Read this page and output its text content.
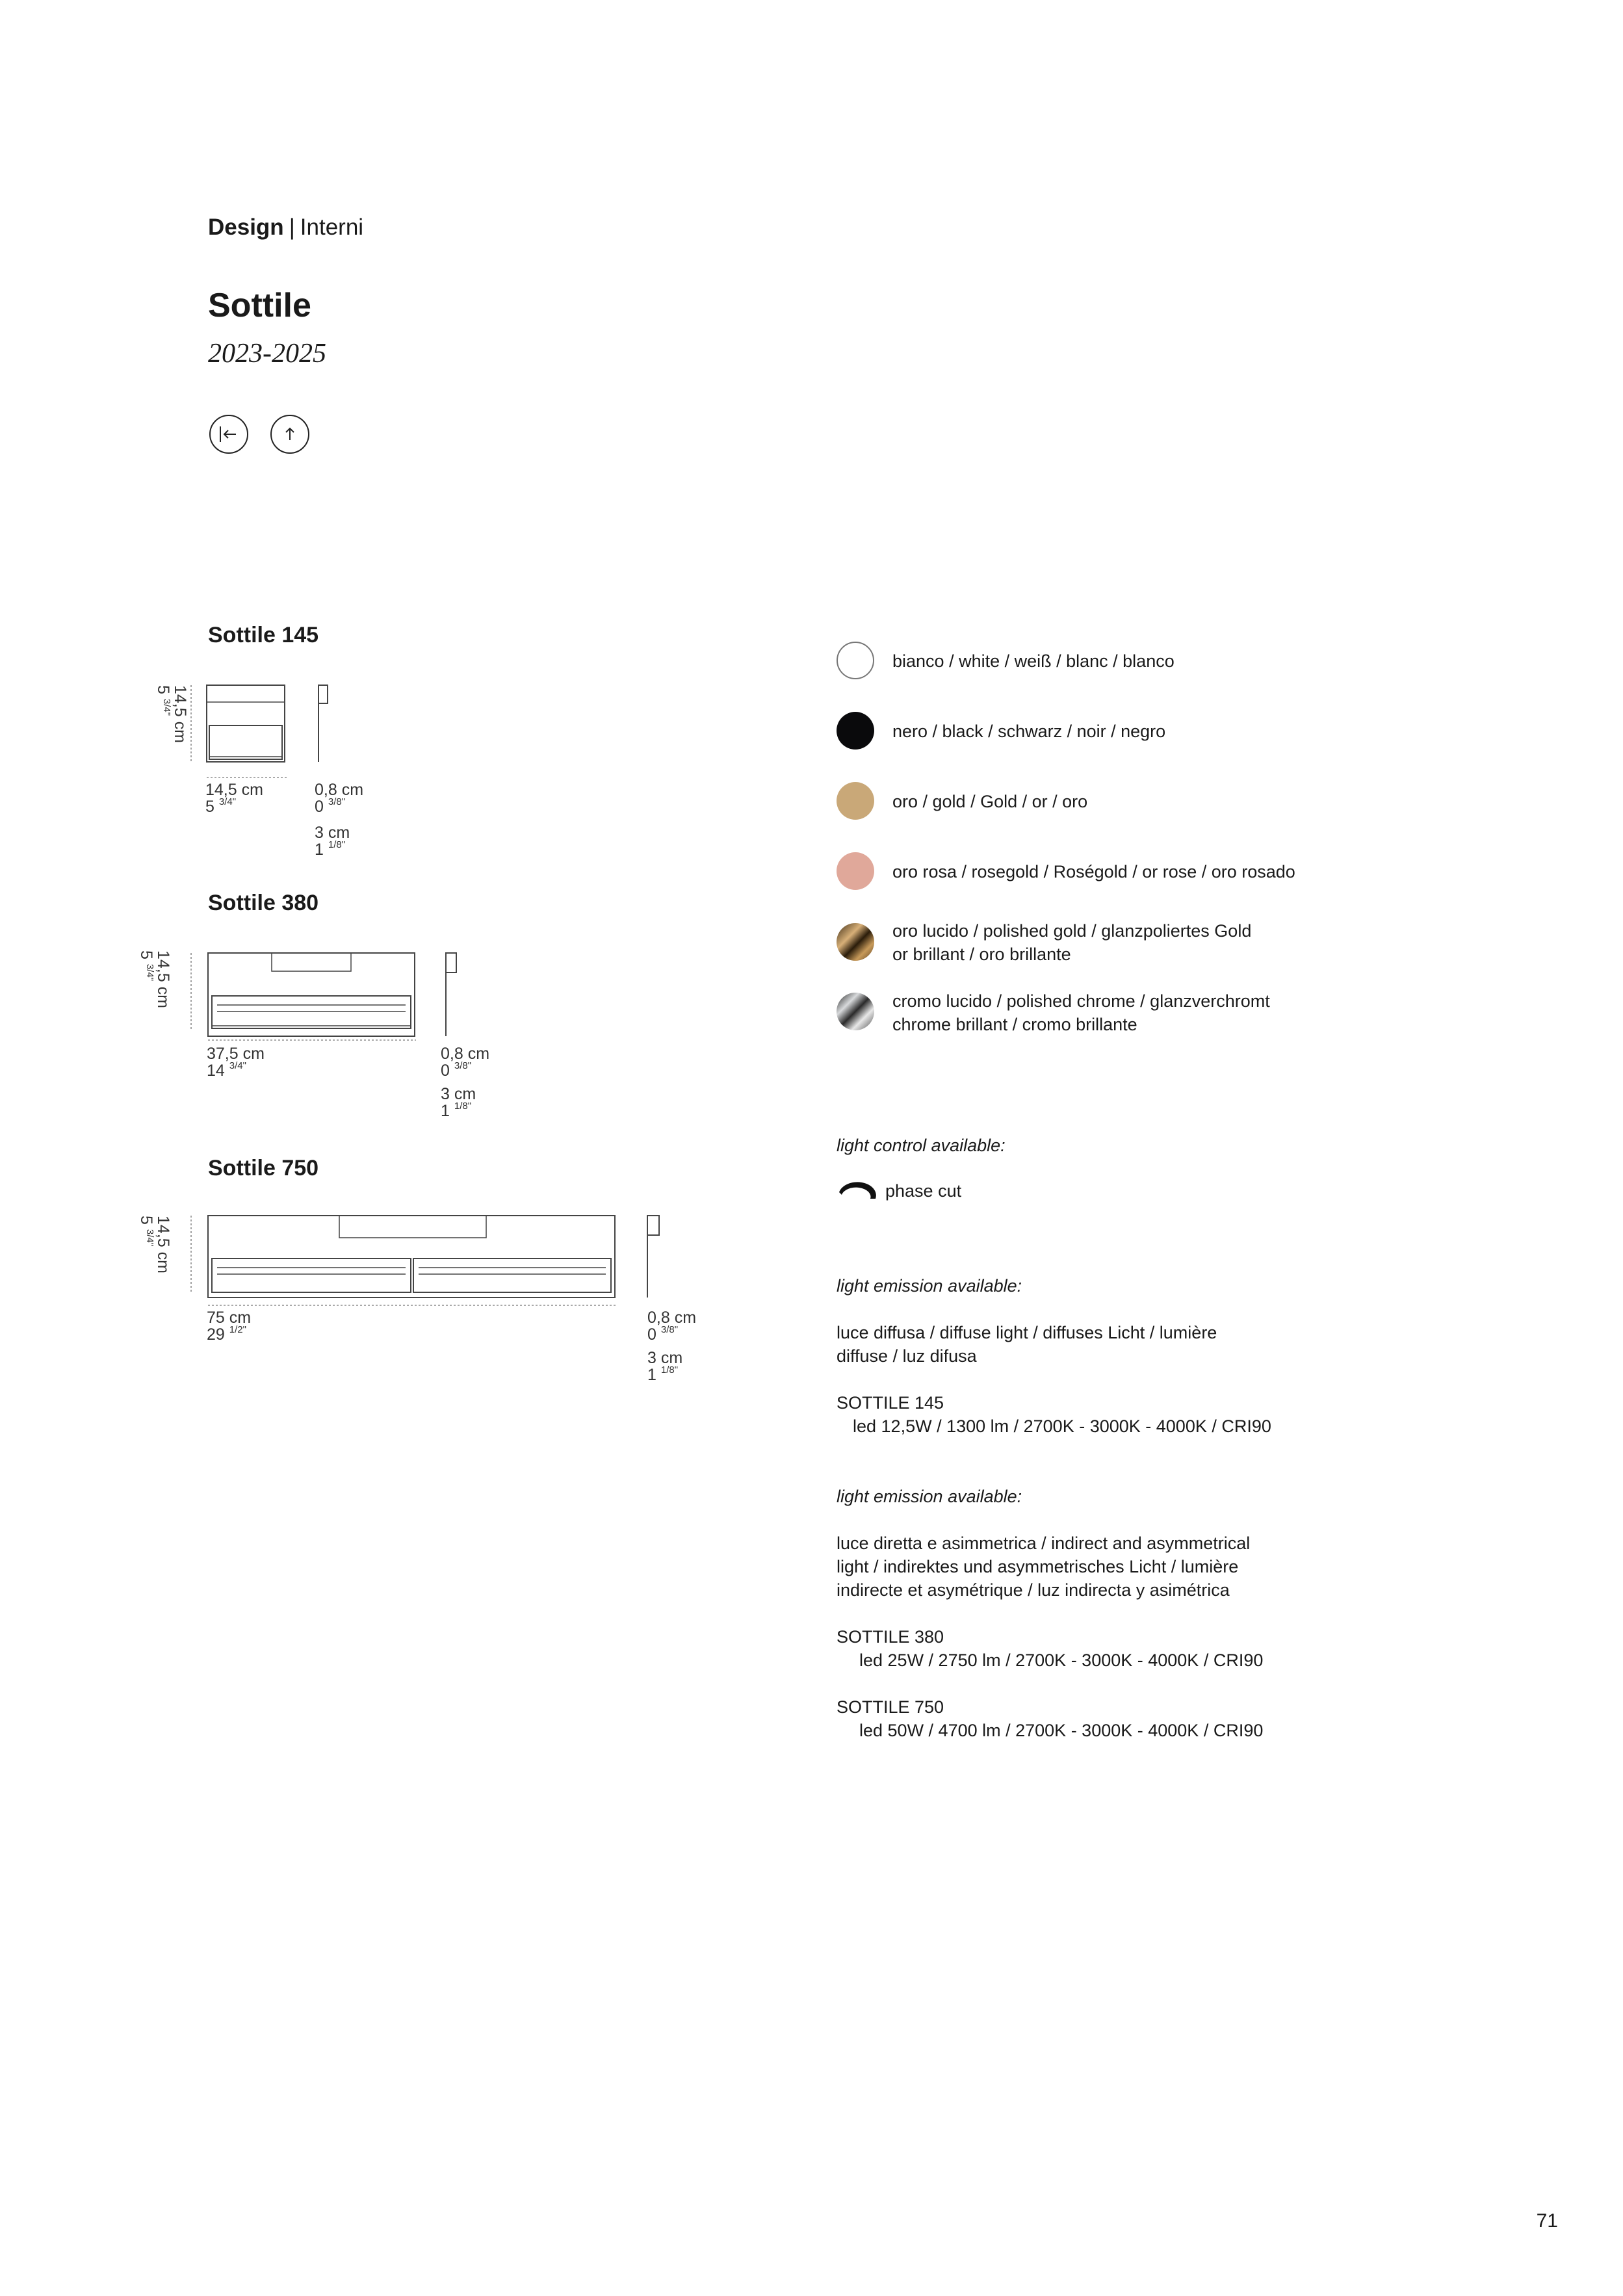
Design | Interni
Sottile
2023-2025
Sottile 145
14,5 cm
5 $^{3/4"}$
14,5 cm
5 $^{3/4"}$
0,8 cm
0 $^{3/8"}$
3 cm
1 $^{1/8"}$
Sottile 380
14,5 cm
5 $^{3/4"}$
37,5 cm
14 $^{3/4"}$
0,8 cm
0 $^{3/8"}$
3 cm
1 $^{1/8"}$
Sottile 750
14,5 cm
5 $^{3/4"}$
75 cm
29 $^{1/2"}$
0,8 cm
0 $^{3/8"}$
3 cm
1 $^{1/8"}$
bianco / white / weiß / blanc / blanco
nero / black / schwarz / noir / negro
oro / gold / Gold / or / oro
oro rosa / rosegold / Roségold / or rose / oro rosado
oro lucido / polished gold / glanzpoliertes Gold
or brillant / oro brillante
cromo lucido / polished chrome / glanzverchromt
chrome brillant / cromo brillante
light control available:
phase cut
light emission available:
luce diffusa / diffuse light / diffuses Licht / lumière
diffuse / luz difusa
SOTTILE 145
led 12,5W / 1300 lm / 2700K - 3000K - 4000K / CRI90
light emission available:
luce diretta e asimmetrica / indirect and asymmetrical
light / indirektes und asymmetrisches Licht / lumière
indirecte et asymétrique / luz indirecta y asimétrica
SOTTILE 380
led 25W / 2750 lm / 2700K - 3000K - 4000K / CRI90
SOTTILE 750
led 50W / 4700 lm / 2700K - 3000K - 4000K / CRI90
71
